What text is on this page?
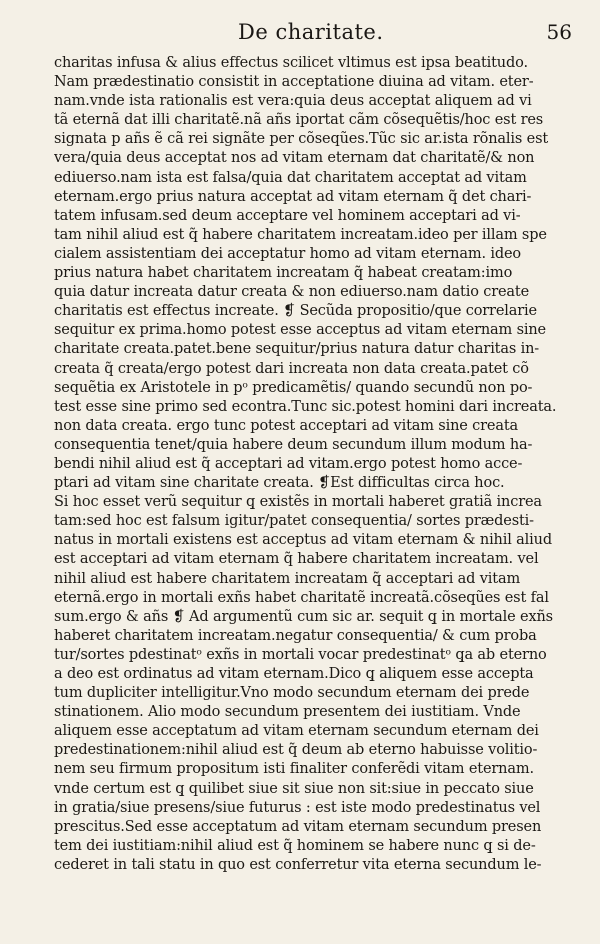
De charitate.	56
charitas infusa & alius effectus scilicet vltimus est ipsa beatitudo.
Nam prædestinatio consistit in acceptatione diuina ad vitam. eter-
nam.vnde ista rationalis est vera:quia deus acceptat aliquem ad vi
tã eternã dat illi charitatẽ.nã añs iportat cãm cõsequẽtis/hoc est res
signata p añs ẽ cã rei signãte per cõseqũes.Tũc sic ar.ista rõnalis est
vera/quia deus acceptat nos ad vitam eternam dat charitatẽ/& non
ediuerso.nam ista est falsa/quia dat charitatem acceptat ad vitam
eternam.ergo prius natura acceptat ad vitam eternam q̃ det chari-
tatem infusam.sed deum acceptare vel hominem acceptari ad vi-
tam nihil aliud est q̃ habere charitatem increatam.ideo per illam spe
cialem assistentiam dei acceptatur homo ad vitam eternam. ideo
prius natura habet charitatem increatam q̃ habeat creatam:imo
quia datur increata datur creata & non ediuerso.nam datio create
charitatis est effectus increate. ❡ Secũda propositio/que correlarie
sequitur ex prima.homo potest esse acceptus ad vitam eternam sine
charitate creata.patet.bene sequitur/prius natura datur charitas in-
creata q̃ creata/ergo potest dari increata non data creata.patet cõ
sequẽtia ex Aristotele in pᵒ predicamẽtis/ quando secundũ non po-
test esse sine primo sed econtra.Tunc sic.potest homini dari increata.
non data creata. ergo tunc potest acceptari ad vitam sine creata
consequentia tenet/quia habere deum secundum illum modum ha-
bendi nihil aliud est q̃ acceptari ad vitam.ergo potest homo acce-
ptari ad vitam sine charitate creata. ❡Est difficultas circa hoc.
Si hoc esset verũ sequitur q̧ existẽs in mortali haberet gratiã increa
tam:sed hoc est falsum igitur/patet consequentia/ sortes prædesti-
natus in mortali existens est acceptus ad vitam eternam & nihil aliud
est acceptari ad vitam eternam q̃ habere charitatem increatam. vel
nihil aliud est habere charitatem increatam q̃ acceptari ad vitam
eternã.ergo in mortali exñs habet charitatẽ increatã.cõseqũes est fal
sum.ergo & añs ❡ Ad argumentũ cum sic ar. sequit q̧ in mortale exñs
haberet charitatem increatam.negatur consequentia/ & cum proba
tur/sortes pdestinatᵒ exñs in mortali vocar predestinatᵒ q̧a ab eterno
a deo est ordinatus ad vitam eternam.Dico q̧ aliquem esse accepta
tum dupliciter intelligitur.Vno modo secundum eternam dei prede
stinationem. Alio modo secundum presentem dei iustitiam. Vnde
aliquem esse acceptatum ad vitam eternam secundum eternam dei
predestinationem:nihil aliud est q̃ deum ab eterno habuisse volitio-
nem seu firmum propositum isti finaliter conferẽdi vitam eternam.
vnde certum est q̧ quilibet siue sit siue non sit:siue in peccato siue
in gratia/siue presens/siue futurus : est iste modo predestinatus vel
prescitus.Sed esse acceptatum ad vitam eternam secundum presen
tem dei iustitiam:nihil aliud est q̃ hominem se habere nunc q̧ si de-
cederet in tali statu in quo est conferretur vita eterna secundum le-
